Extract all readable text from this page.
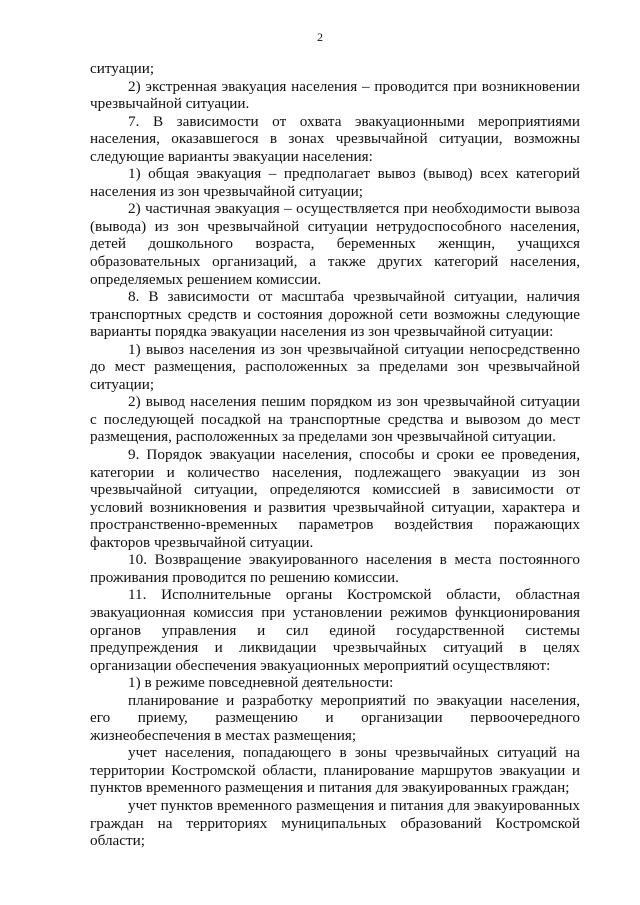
2

ситуации;

2) экстренная эвакуация населения – проводится при возникновении чрезвычайной ситуации.

7. В зависимости от охвата эвакуационными мероприятиями населения, оказавшегося в зонах чрезвычайной ситуации, возможны следующие варианты эвакуации населения:

1) общая эвакуация – предполагает вывоз (вывод) всех категорий населения из зон чрезвычайной ситуации;

2) частичная эвакуация – осуществляется при необходимости вывоза (вывода) из зон чрезвычайной ситуации нетрудоспособного населения, детей дошкольного возраста, беременных женщин, учащихся образовательных организаций, а также других категорий населения, определяемых решением комиссии.

8. В зависимости от масштаба чрезвычайной ситуации, наличия транспортных средств и состояния дорожной сети возможны следующие варианты порядка эвакуации населения из зон чрезвычайной ситуации:

1) вывоз населения из зон чрезвычайной ситуации непосредственно до мест размещения, расположенных за пределами зон чрезвычайной ситуации;

2) вывод населения пешим порядком из зон чрезвычайной ситуации с последующей посадкой на транспортные средства и вывозом до мест размещения, расположенных за пределами зон чрезвычайной ситуации.

9. Порядок эвакуации населения, способы и сроки ее проведения, категории и количество населения, подлежащего эвакуации из зон чрезвычайной ситуации, определяются комиссией в зависимости от условий возникновения и развития чрезвычайной ситуации, характера и пространственно-временных параметров воздействия поражающих факторов чрезвычайной ситуации.

10. Возвращение эвакуированного населения в места постоянного проживания проводится по решению комиссии.

11. Исполнительные органы Костромской области, областная эвакуационная комиссия при установлении режимов функционирования органов управления и сил единой государственной системы предупреждения и ликвидации чрезвычайных ситуаций в целях организации обеспечения эвакуационных мероприятий осуществляют:

1) в режиме повседневной деятельности:

планирование и разработку мероприятий по эвакуации населения, его приему, размещению и организации первоочередного жизнеобеспечения в местах размещения;

учет населения, попадающего в зоны чрезвычайных ситуаций на территории Костромской области, планирование маршрутов эвакуации и пунктов временного размещения и питания для эвакуированных граждан;

учет пунктов временного размещения и питания для эвакуированных граждан на территориях муниципальных образований Костромской области;
